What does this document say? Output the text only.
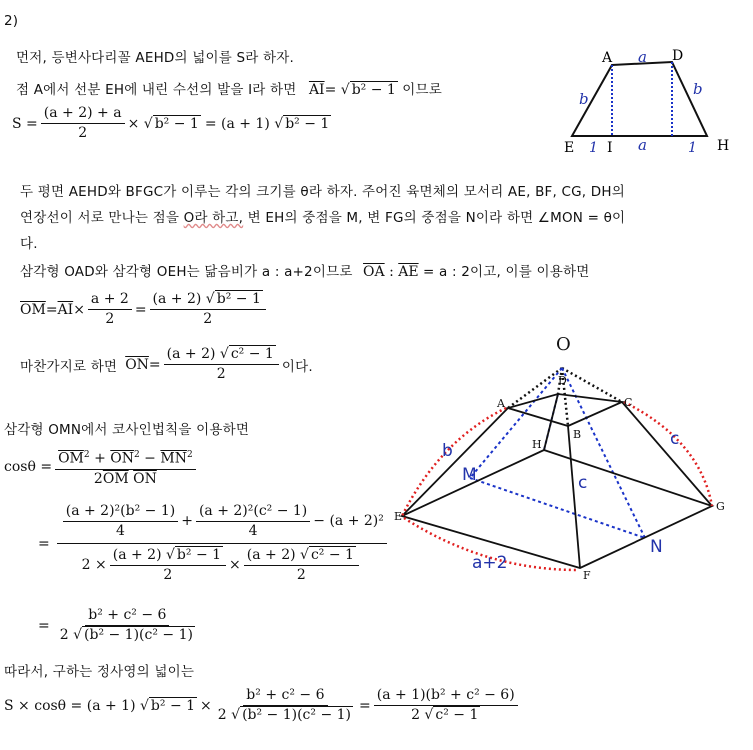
2)
먼저, 등변사다리꼴 AEHD의 넓이를 S라 하자.
점 A에서 선분 EH에 내린 수선의 발을 I라 하면 $\overline{AI}=$ √ b² − 1 이므로
$S = \frac{(a + 2) + a}{2}$ × √ b² − 1 = (a + 1) √ b² − 1
A	D
a
b
b
E 1 I a	1 H
두 평면 AEHD와 BFGC가 이루는 각의 크기를 θ라 하자. 주어진 육면체의 모서리 AE, BF, CG, DH의
연장선이 서로 만나는 점을 O라 하고, 변 EH의 중점을 M, 변 FG의 중점을 N이라 하면 ∠MON = θ이
다.
삼각형 OAD와 삼각형 OEH는 닮음비가 a : a+2이므로 $\overline{OA}$ : $\overline{AE} = a$ : 2이고, 이를 이용하면
$\overline{OM} = \overline{AI} \times \frac{a + 2}{2} = \frac{\text{(a + 2) √ b² − 1}}{2}$
마찬가지로 하면 $\overline{ON} = \frac{\text{(a + 2) √ c² − 1}}{2}$ 이다.
삼각형 OMN에서 코사인법칙을 이용하면
$\cos\theta = \frac{\overline{OM}^2 + \overline{ON}^2 - \overline{MN}^2}{2\overline{OM} \overline{ON}}$
=
$\frac{\text{(a + 2)²(b² − 1)}}{4} + \frac{\text{(a + 2)²(c² − 1)}}{4} - (a + 2)^2$
$2 \times \frac{\text{(a + 2) √ b² − 1}}{2} \times \frac{\text{(a + 2) √ c² − 1}}{2}$
= $\frac{\text{b² + c² − 6}}{\text{2 √ (b² − 1)(c² − 1)}}$
따라서, 구하는 정사영의 넓이는
S × cosθ = (a + 1) √ $b^2 - 1 \times \frac{\text{b² + c² − 6}}{\text{2 √ (b² − 1)(c² − 1)}} = \frac{\text{(a + 1)(b² + c² − 6)}}{\text{2 √ c² − 1}}$
O
A
B
C
D
E
F
G
H
M
N
b
c
c
a+2
